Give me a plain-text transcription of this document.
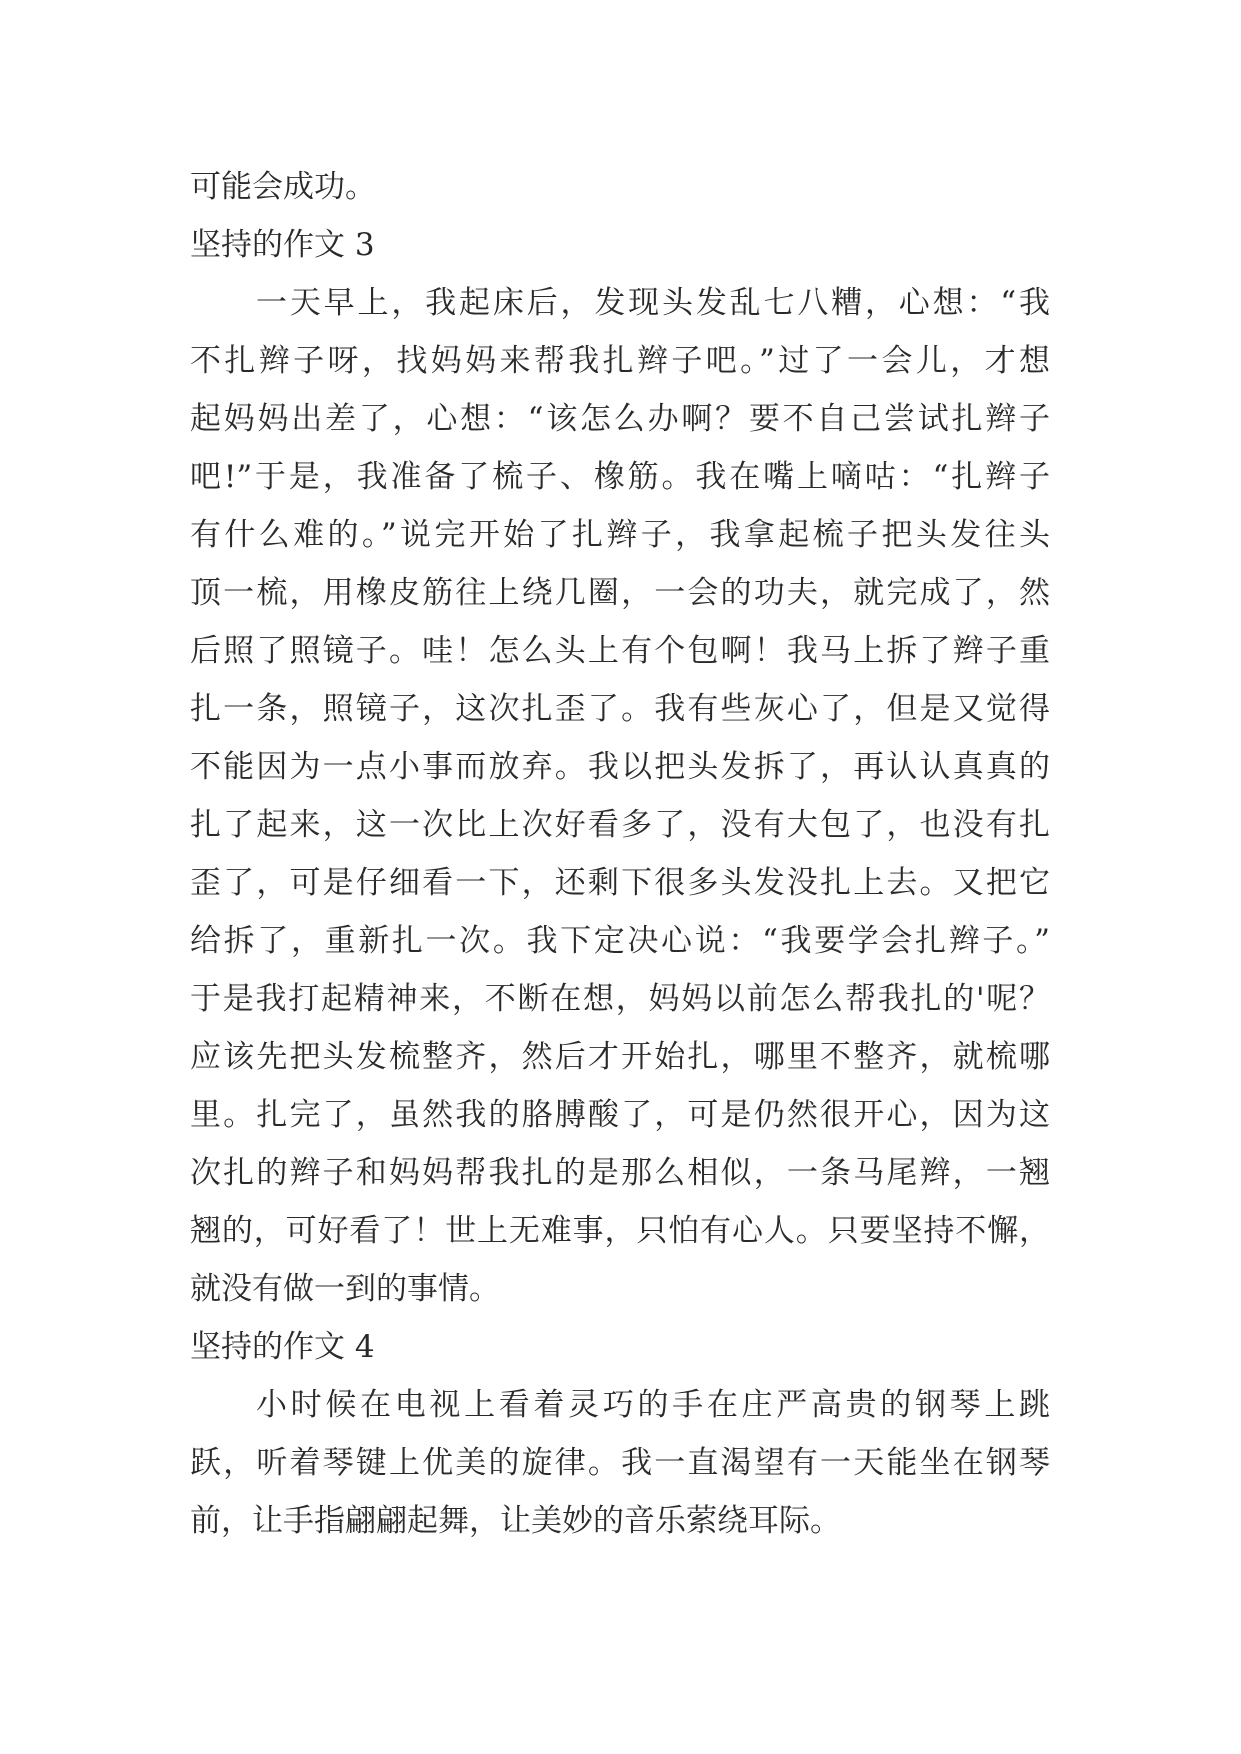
可能会成功。
坚持的作文 3
一天早上，我起床后，发现头发乱七八糟，心想：“我
不扎辫子呀，找妈妈来帮我扎辫子吧。”过了一会儿，才想
起妈妈出差了，心想：“该怎么办啊？要不自己尝试扎辫子
吧!”于是，我准备了梳子、橡筋。我在嘴上嘀咕：“扎辫子
有什么难的。”说完开始了扎辫子，我拿起梳子把头发往头
顶一梳，用橡皮筋往上绕几圈，一会的功夫，就完成了，然
后照了照镜子。哇！怎么头上有个包啊！我马上拆了辫子重
扎一条，照镜子，这次扎歪了。我有些灰心了，但是又觉得
不能因为一点小事而放弃。我以把头发拆了，再认认真真的
扎了起来，这一次比上次好看多了，没有大包了，也没有扎
歪了，可是仔细看一下，还剩下很多头发没扎上去。又把它
给拆了，重新扎一次。我下定决心说：“我要学会扎辫子。”
于是我打起精神来，不断在想，妈妈以前怎么帮我扎的'呢？
应该先把头发梳整齐，然后才开始扎，哪里不整齐，就梳哪
里。扎完了，虽然我的胳膊酸了，可是仍然很开心，因为这
次扎的辫子和妈妈帮我扎的是那么相似，一条马尾辫，一翘
翘的，可好看了！世上无难事，只怕有心人。只要坚持不懈，
就没有做一到的事情。
坚持的作文 4
小时候在电视上看着灵巧的手在庄严高贵的钢琴上跳
跃，听着琴键上优美的旋律。我一直渴望有一天能坐在钢琴
前，让手指翩翩起舞，让美妙的音乐萦绕耳际。
